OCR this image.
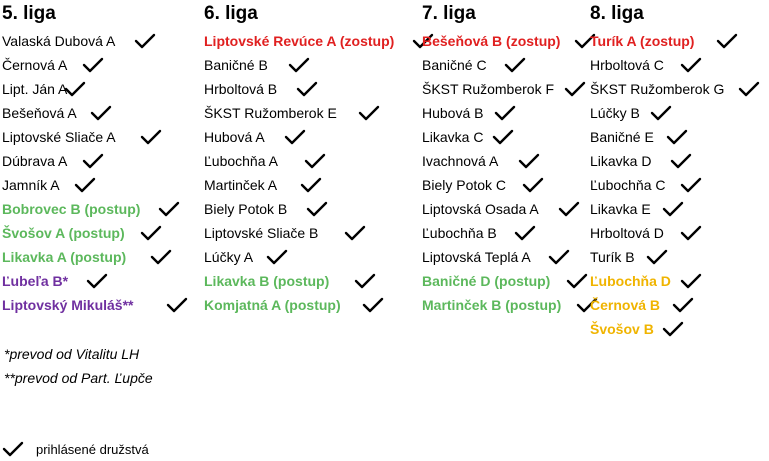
5. liga
Valaská Dubová A
Černová A
Lipt. Ján A
Bešeňová A
Liptovské Sliače A
Dúbrava A
Jamník A
Bobrovec B (postup)
Švošov A (postup)
Likavka A (postup)
Ľubeľa B*
Liptovský Mikuláš**
6. liga
Liptovské Revúce A (zostup)
Baničné B
Hrboltová B
ŠKST Ružomberok E
Hubová A
Ľubochňa A
Martinček A
Biely Potok B
Liptovské Sliače B
Lúčky A
Likavka B (postup)
Komjatná A (postup)
7. liga
Bešeňová B (zostup)
Baničné C
ŠKST Ružomberok F
Hubová B
Likavka C
Ivachnová A
Biely Potok C
Liptovská Osada A
Ľubochňa B
Liptovská Teplá A
Baničné D (postup)
Martinček B (postup)
8. liga
Turík A (zostup)
Hrboltová C
ŠKST Ružomberok G
Lúčky B
Baničné E
Likavka D
Ľubochňa C
Likavka E
Hrboltová D
Turík B
Ľubochňa D
Černová B
Švošov B
*prevod od Vitalitu LH
**prevod od Part. Ľupče
prihlásené družstvá
